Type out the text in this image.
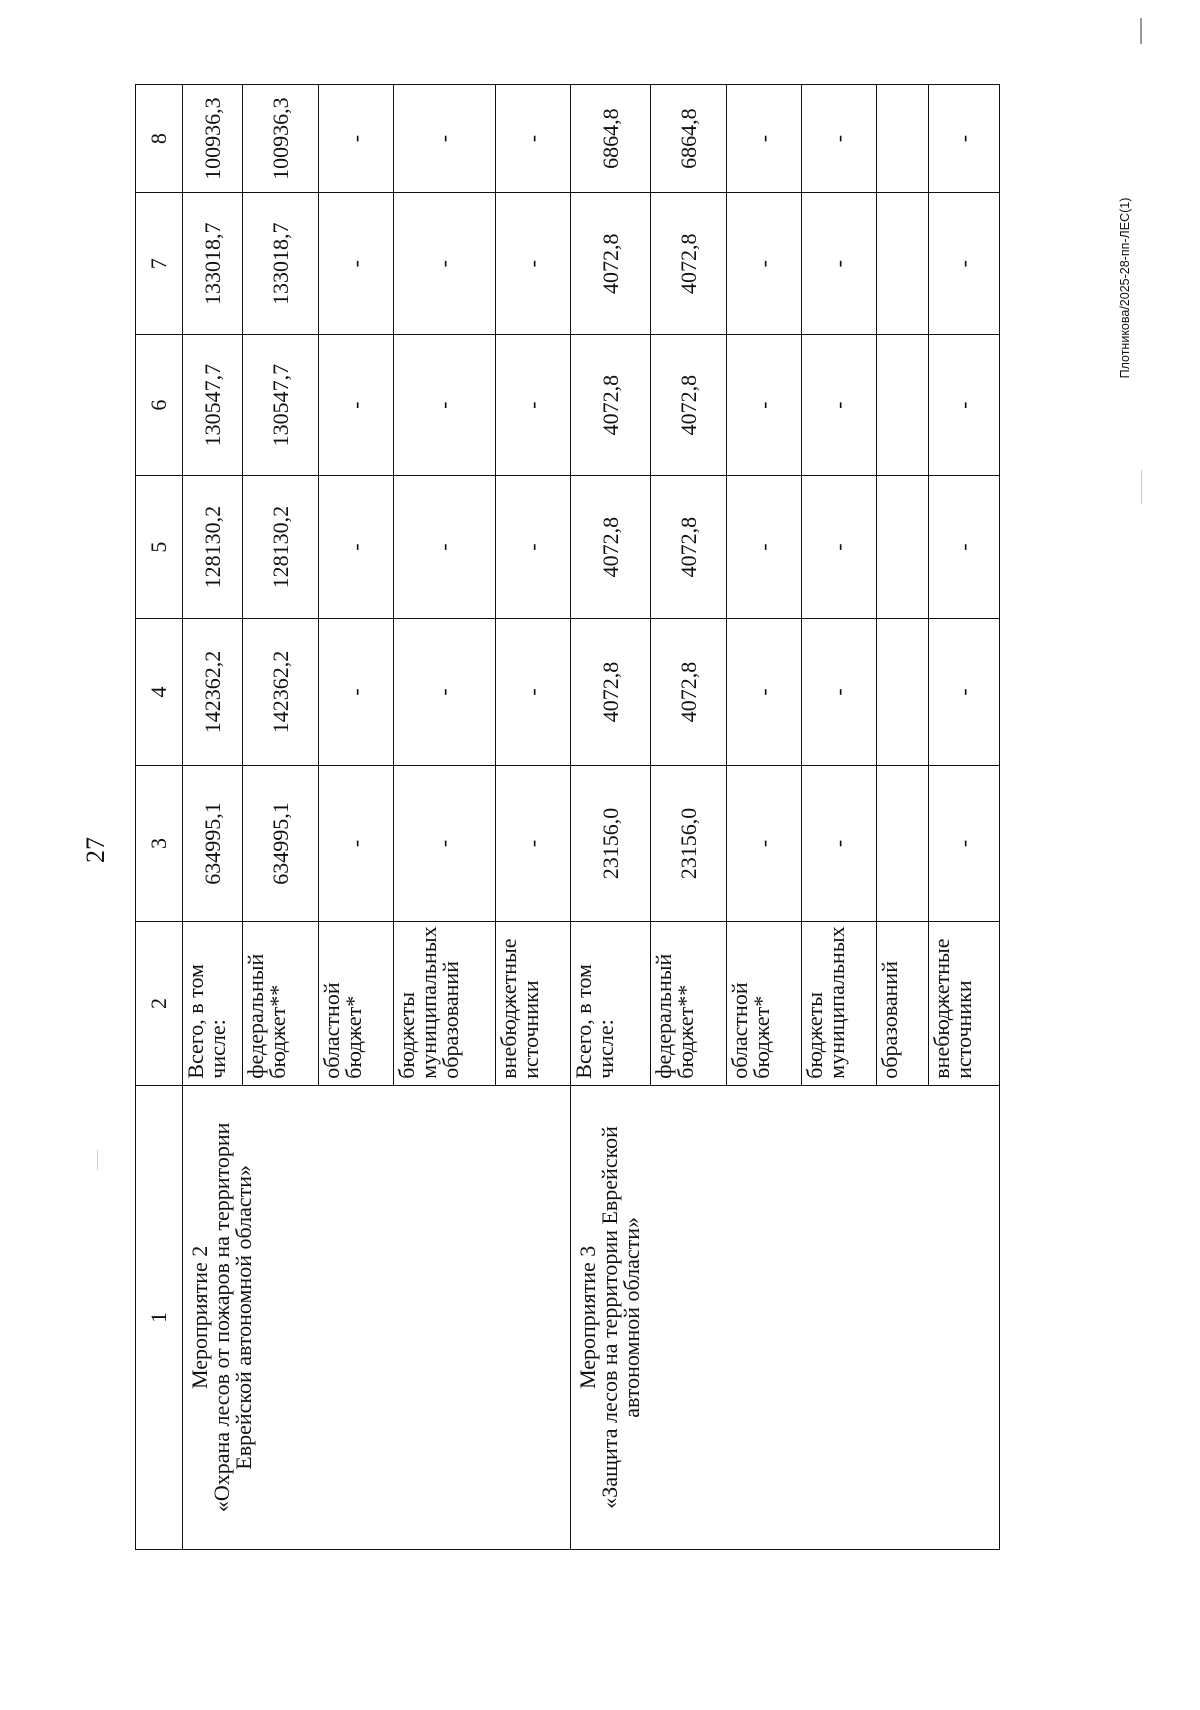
27
Плотникова/2025-28-пп-ЛЕС(1)
1	2	3	4	5	6	7	8

Мероприятие 2
«Охрана лесов от пожаров на территории Еврейской автономной области»	Всего, в том числе:	634995,1	142362,2	128130,2	130547,7	133018,7	100936,3
	федеральный бюджет**	634995,1	142362,2	128130,2	130547,7	133018,7	100936,3
	областной бюджет*	-	-	-	-	-	-
	бюджеты муниципальных образований	-	-	-	-	-	-
	внебюджетные источники	-	-	-	-	-	-

Мероприятие 3
«Защита лесов на территории Еврейской автономной области»	Всего, в том числе:	23156,0	4072,8	4072,8	4072,8	4072,8	6864,8
	федеральный бюджет**	23156,0	4072,8	4072,8	4072,8	4072,8	6864,8
	областной бюджет*	-	-	-	-	-	-
	бюджеты муниципальных	-	-	-	-	-	-
	образований						
	внебюджетные источники	-	-	-	-	-	-
